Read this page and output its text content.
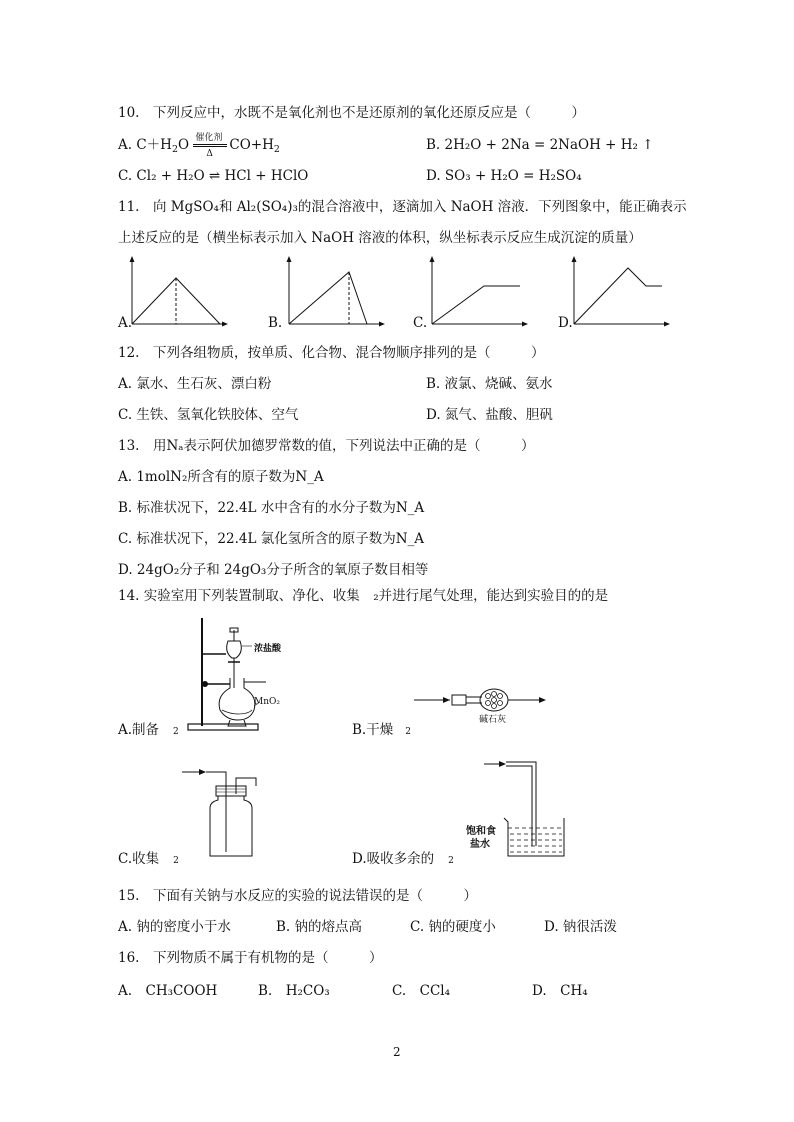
10.　下列反应中，水既不是氧化剂也不是还原剂的氧化还原反应是（　　　）
A. $C+H_2O$ 催化剂
Δ
$CO+H_2$	B. 2H₂O + 2Na = 2NaOH + H₂ ↑
C. Cl₂ + H₂O ⇌ HCl + HClO	D. SO₃ + H₂O = H₂SO₄
11.　向 MgSO₄和 Al₂(SO₄)₃的混合溶液中，逐滴加入 NaOH 溶液．下列图象中，能正确表示
上述反应的是（横坐标表示加入 NaOH 溶液的体积，纵坐标表示反应生成沉淀的质量）
A.	B.	C.	D.
12.　下列各组物质，按单质、化合物、混合物顺序排列的是（　　　）
A. 氯水、生石灰、漂白粉	B. 液氯、烧碱、氨水
C. 生铁、氢氧化铁胶体、空气	D. 氮气、盐酸、胆矾
13.　用Nₐ表示阿伏加德罗常数的值，下列说法中正确的是（　　　）
A. 1molN₂所含有的原子数为N_A
B. 标准状况下，22.4L 水中含有的水分子数为N_A
C. 标准状况下，22.4L 氯化氢所含的原子数为N_A
D. 24gO₂分子和 24gO₃分子所含的氧原子数目相等
14. 实验室用下列装置制取、净化、收集　₂并进行尾气处理，能达到实验目的的是
浓盐酸
MnO₂
A.制备 2
碱石灰
B.干燥 2
C.收集 2
饱和食
盐水
D.吸收多余的 2
15.　下面有关钠与水反应的实验的说法错误的是（　　　）
A. 钠的密度小于水	B. 钠的熔点高	C. 钠的硬度小	D. 钠很活泼
16.　下列物质不属于有机物的是（　　　）
A.　CH₃COOH	B.　H₂CO₃	C.　CCl₄	D.　CH₄
2
